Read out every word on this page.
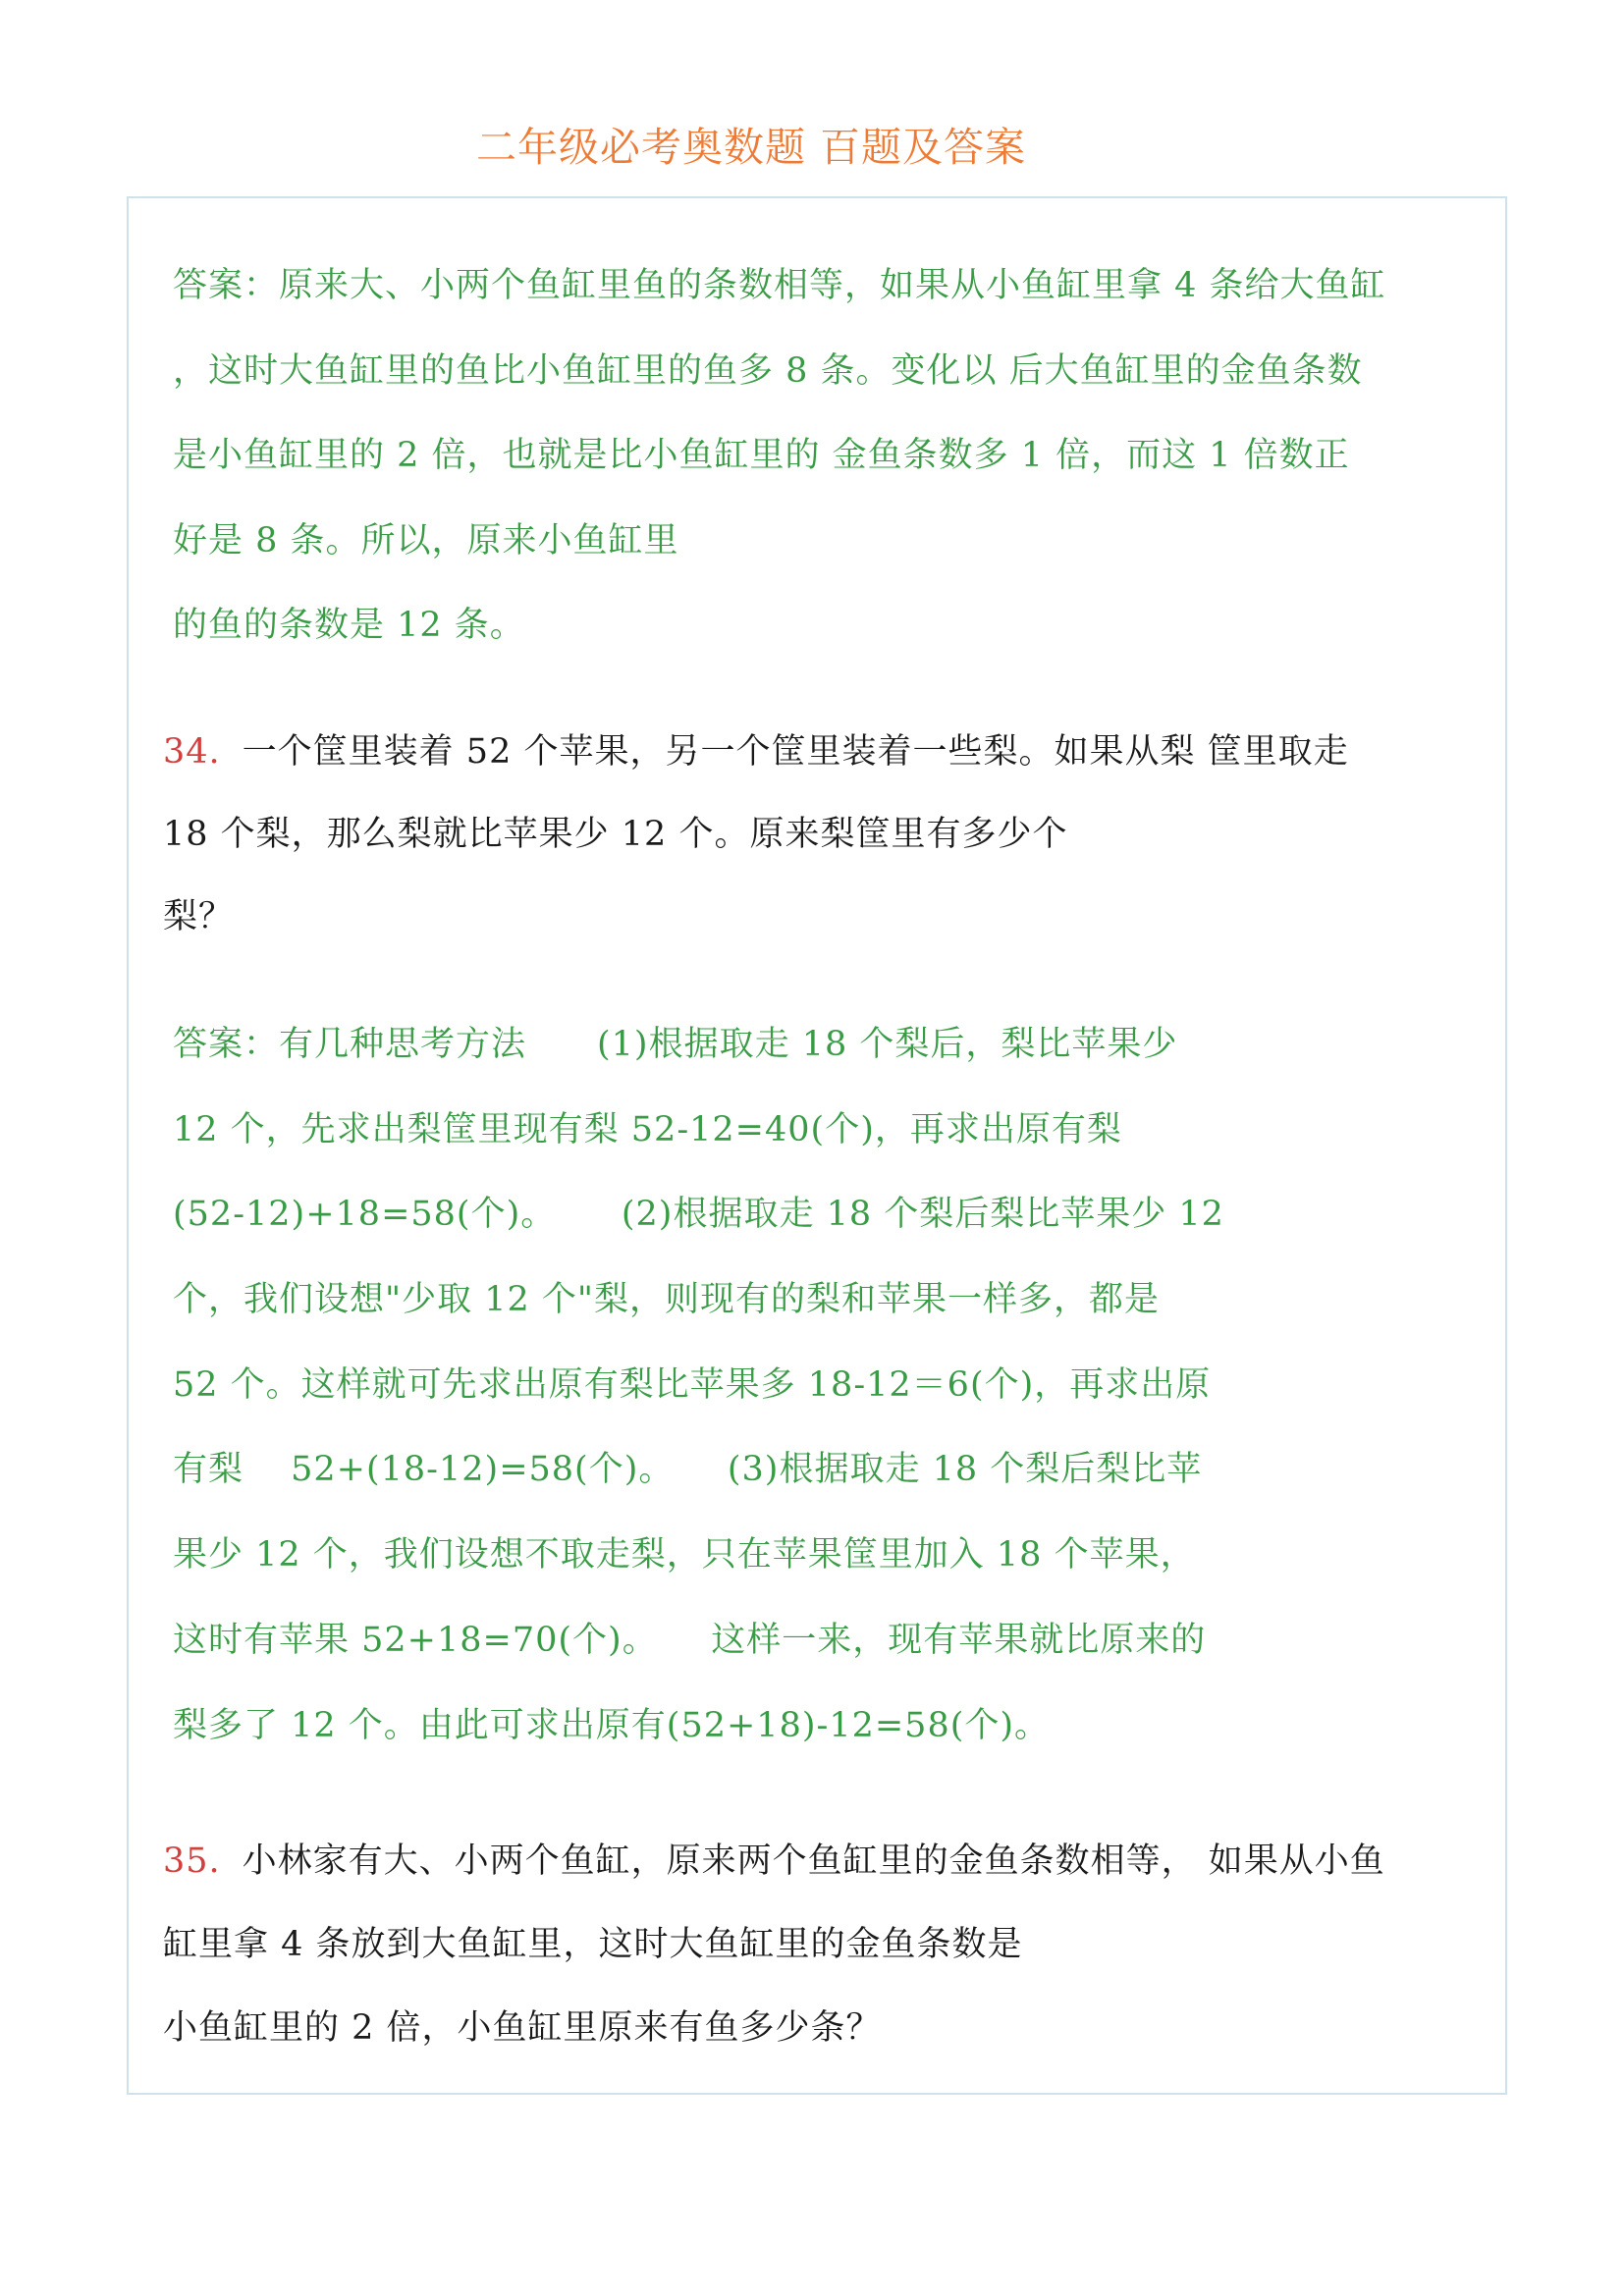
二年级必考奥数题 百题及答案
答案：原来大、小两个鱼缸里鱼的条数相等，如果从小鱼缸里拿 4 条给大鱼缸
，这时大鱼缸里的鱼比小鱼缸里的鱼多 8 条。变化以 后大鱼缸里的金鱼条数
是小鱼缸里的 2 倍，也就是比小鱼缸里的 金鱼条数多 1 倍，而这 1 倍数正
好是 8 条。所以，原来小鱼缸里
的鱼的条数是 12 条。
34. 一个筐里装着 52 个苹果，另一个筐里装着一些梨。如果从梨 筐里取走
18 个梨，那么梨就比苹果少 12 个。原来梨筐里有多少个
梨？
答案：有几种思考方法　　(1)根据取走 18 个梨后，梨比苹果少
12 个，先求出梨筐里现有梨 52-12=40(个)，再求出原有梨
(52-12)+18=58(个)。　　 (2)根据取走 18 个梨后梨比苹果少 12
个，我们设想"少取 12 个"梨，则现有的梨和苹果一样多，都是
52 个。这样就可先求出原有梨比苹果多 18-12＝6(个)，再求出原
有梨　 52+(18-12)=58(个)。　　(3)根据取走 18 个梨后梨比苹
果少 12 个，我们设想不取走梨，只在苹果筐里加入 18 个苹果，
这时有苹果 52+18=70(个)。　　这样一来，现有苹果就比原来的
梨多了 12 个。由此可求出原有(52+18)-12=58(个)。
35. 小林家有大、小两个鱼缸，原来两个鱼缸里的金鱼条数相等， 如果从小鱼
缸里拿 4 条放到大鱼缸里，这时大鱼缸里的金鱼条数是
小鱼缸里的 2 倍，小鱼缸里原来有鱼多少条？
